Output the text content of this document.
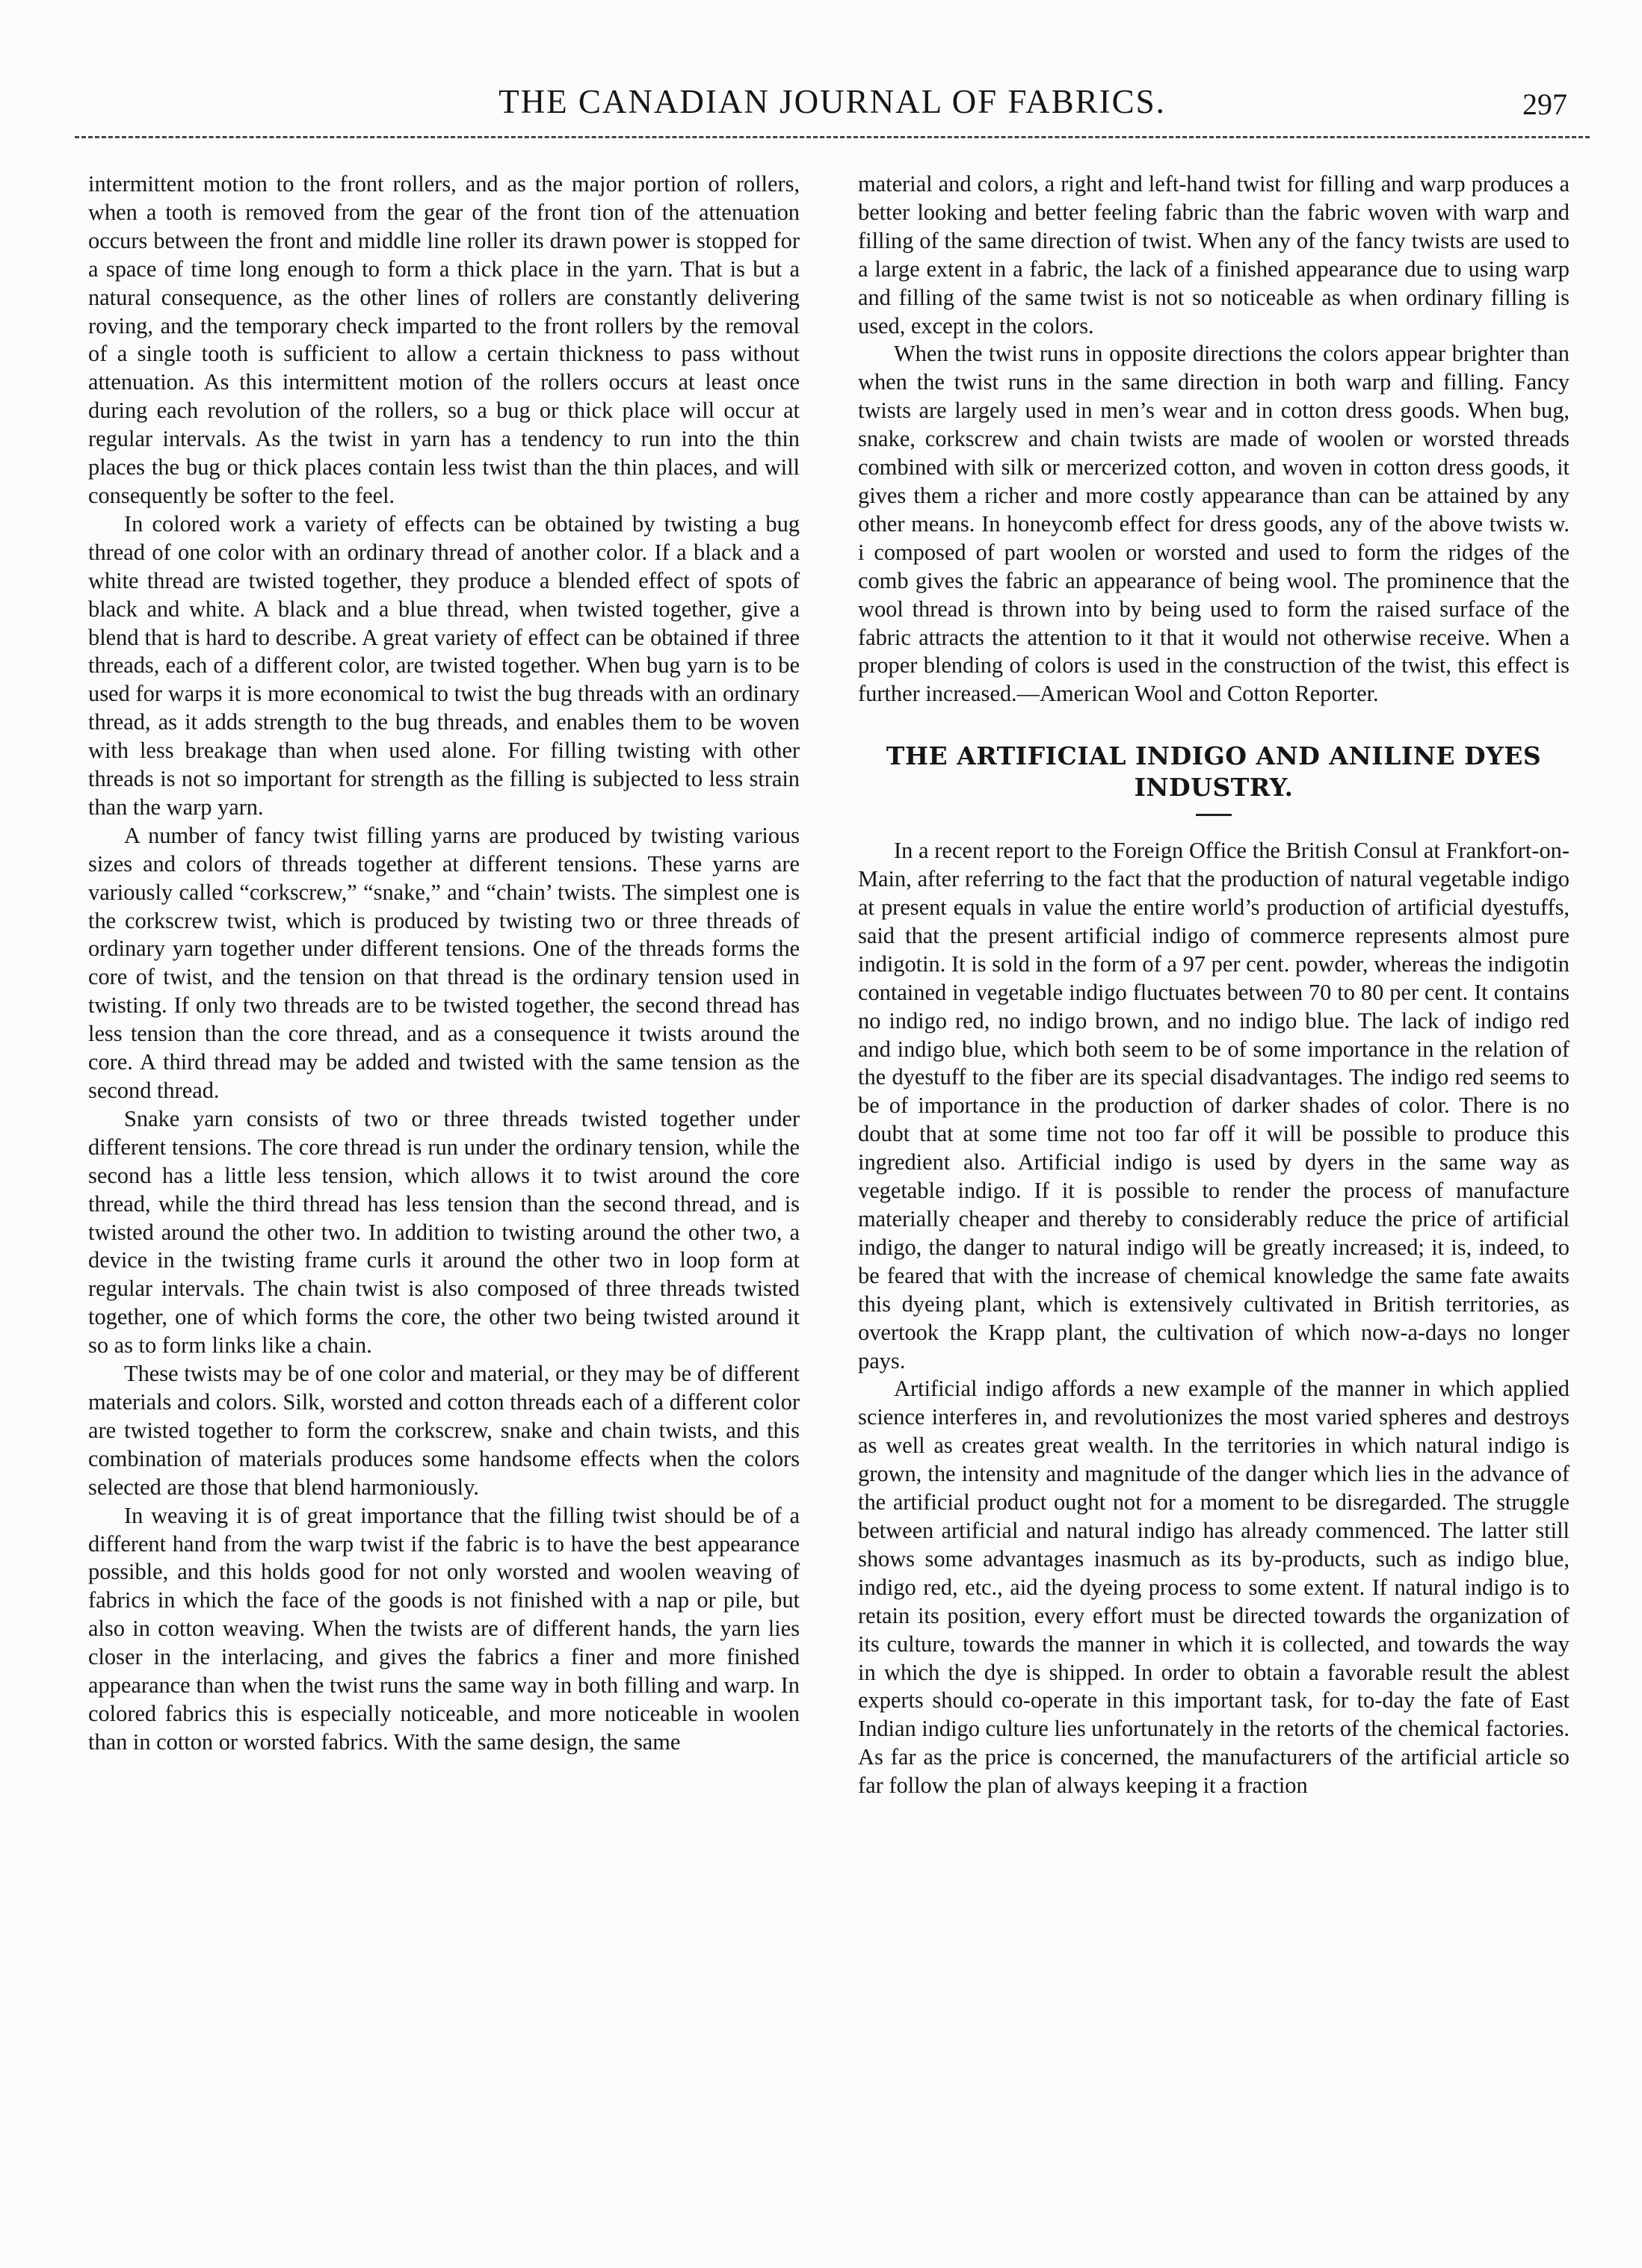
THE CANADIAN JOURNAL OF FABRICS.	297

intermittent motion to the front rollers, and as the major portion of rollers, when a tooth is removed from the gear of the front tion of the attenuation occurs between the front and middle line roller its drawn power is stopped for a space of time long enough to form a thick place in the yarn. That is but a natural consequence, as the other lines of rollers are constantly delivering roving, and the temporary check imparted to the front rollers by the removal of a single tooth is sufficient to allow a certain thickness to pass without attenuation. As this intermittent motion of the rollers occurs at least once during each revolution of the rollers, so a bug or thick place will occur at regular intervals. As the twist in yarn has a tendency to run into the thin places the bug or thick places contain less twist than the thin places, and will consequently be softer to the feel.

In colored work a variety of effects can be obtained by twisting a bug thread of one color with an ordinary thread of another color. If a black and a white thread are twisted together, they produce a blended effect of spots of black and white. A black and a blue thread, when twisted together, give a blend that is hard to describe. A great variety of effect can be obtained if three threads, each of a different color, are twisted together. When bug yarn is to be used for warps it is more economical to twist the bug threads with an ordinary thread, as it adds strength to the bug threads, and enables them to be woven with less breakage than when used alone. For filling twisting with other threads is not so important for strength as the filling is subjected to less strain than the warp yarn.

A number of fancy twist filling yarns are produced by twisting various sizes and colors of threads together at different tensions. These yarns are variously called “corkscrew,” “snake,” and “chain’ twists. The simplest one is the corkscrew twist, which is produced by twisting two or three threads of ordinary yarn together under different tensions. One of the threads forms the core of twist, and the tension on that thread is the ordinary tension used in twisting. If only two threads are to be twisted together, the second thread has less tension than the core thread, and as a consequence it twists around the core. A third thread may be added and twisted with the same tension as the second thread.

Snake yarn consists of two or three threads twisted together under different tensions. The core thread is run under the ordinary tension, while the second has a little less tension, which allows it to twist around the core thread, while the third thread has less tension than the second thread, and is twisted around the other two. In addition to twisting around the other two, a device in the twisting frame curls it around the other two in loop form at regular intervals. The chain twist is also composed of three threads twisted together, one of which forms the core, the other two being twisted around it so as to form links like a chain.

These twists may be of one color and material, or they may be of different materials and colors. Silk, worsted and cotton threads each of a different color are twisted together to form the corkscrew, snake and chain twists, and this combination of materials produces some handsome effects when the colors selected are those that blend harmoniously.

In weaving it is of great importance that the filling twist should be of a different hand from the warp twist if the fabric is to have the best appearance possible, and this holds good for not only worsted and woolen weaving of fabrics in which the face of the goods is not finished with a nap or pile, but also in cotton weaving. When the twists are of different hands, the yarn lies closer in the interlacing, and gives the fabrics a finer and more finished appearance than when the twist runs the same way in both filling and warp. In colored fabrics this is especially noticeable, and more noticeable in woolen than in cotton or worsted fabrics. With the same design, the same

material and colors, a right and left-hand twist for filling and warp produces a better looking and better feeling fabric than the fabric woven with warp and filling of the same direction of twist. When any of the fancy twists are used to a large extent in a fabric, the lack of a finished appearance due to using warp and filling of the same twist is not so noticeable as when ordinary filling is used, except in the colors.

When the twist runs in opposite directions the colors appear brighter than when the twist runs in the same direction in both warp and filling. Fancy twists are largely used in men’s wear and in cotton dress goods. When bug, snake, corkscrew and chain twists are made of woolen or worsted threads combined with silk or mercerized cotton, and woven in cotton dress goods, it gives them a richer and more costly appearance than can be attained by any other means. In honeycomb effect for dress goods, any of the above twists w. i composed of part woolen or worsted and used to form the ridges of the comb gives the fabric an appearance of being wool. The prominence that the wool thread is thrown into by being used to form the raised surface of the fabric attracts the attention to it that it would not otherwise receive. When a proper blending of colors is used in the construction of the twist, this effect is further increased.—American Wool and Cotton Reporter.

THE ARTIFICIAL INDIGO AND ANILINE DYES INDUSTRY.

In a recent report to the Foreign Office the British Consul at Frankfort-on-Main, after referring to the fact that the production of natural vegetable indigo at present equals in value the entire world’s production of artificial dyestuffs, said that the present artificial indigo of commerce represents almost pure indigotin. It is sold in the form of a 97 per cent. powder, whereas the indigotin contained in vegetable indigo fluctuates between 70 to 80 per cent. It contains no indigo red, no indigo brown, and no indigo blue. The lack of indigo red and indigo blue, which both seem to be of some importance in the relation of the dyestuff to the fiber are its special disadvantages. The indigo red seems to be of importance in the production of darker shades of color. There is no doubt that at some time not too far off it will be possible to produce this ingredient also. Artificial indigo is used by dyers in the same way as vegetable indigo. If it is possible to render the process of manufacture materially cheaper and thereby to considerably reduce the price of artificial indigo, the danger to natural indigo will be greatly increased; it is, indeed, to be feared that with the increase of chemical knowledge the same fate awaits this dyeing plant, which is extensively cultivated in British territories, as overtook the Krapp plant, the cultivation of which now-a-days no longer pays.

Artificial indigo affords a new example of the manner in which applied science interferes in, and revolutionizes the most varied spheres and destroys as well as creates great wealth. In the territories in which natural indigo is grown, the intensity and magnitude of the danger which lies in the advance of the artificial product ought not for a moment to be disregarded. The struggle between artificial and natural indigo has already commenced. The latter still shows some advantages inasmuch as its by-products, such as indigo blue, indigo red, etc., aid the dyeing process to some extent. If natural indigo is to retain its position, every effort must be directed towards the organization of its culture, towards the manner in which it is collected, and towards the way in which the dye is shipped. In order to obtain a favorable result the ablest experts should co-operate in this important task, for to-day the fate of East Indian indigo culture lies unfortunately in the retorts of the chemical factories. As far as the price is concerned, the manufacturers of the artificial article so far follow the plan of always keeping it a fraction
